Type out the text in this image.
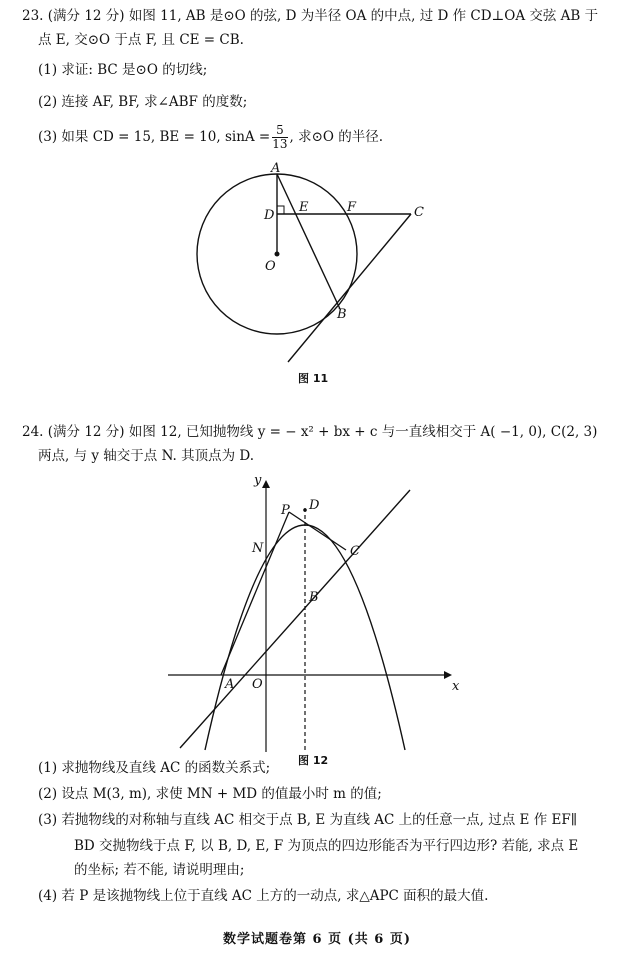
23. (满分 12 分) 如图 11, AB 是⊙O 的弦, D 为半径 OA 的中点, 过 D 作 CD⊥OA 交弦 AB 于
点 E, 交⊙O 于点 F, 且 CE = CB.
(1) 求证: BC 是⊙O 的切线;
(2) 连接 AF, BF, 求∠ABF 的度数;
(3) 如果 CD = 15, BE = 10, $\sin A = \frac{5}{13}$ , 求⊙O 的半径.
A
D
E	F	C
O
B
图 11
24. (满分 12 分) 如图 12, 已知抛物线 y = − x² + bx + c 与一直线相交于 A( −1, 0), C(2, 3)
两点, 与 y 轴交于点 N. 其顶点为 D.
y
x
P D
N	C
B
A O
图 12
(1) 求抛物线及直线 AC 的函数关系式;
(2) 设点 M(3, m), 求使 MN + MD 的值最小时 m 的值;
(3) 若抛物线的对称轴与直线 AC 相交于点 B, E 为直线 AC 上的任意一点, 过点 E 作 EF∥
BD 交抛物线于点 F, 以 B, D, E, F 为顶点的四边形能否为平行四边形? 若能, 求点 E
的坐标; 若不能, 请说明理由;
(4) 若 P 是该抛物线上位于直线 AC 上方的一动点, 求△APC 面积的最大值.
数学试题卷第 6 页 (共 6 页)
